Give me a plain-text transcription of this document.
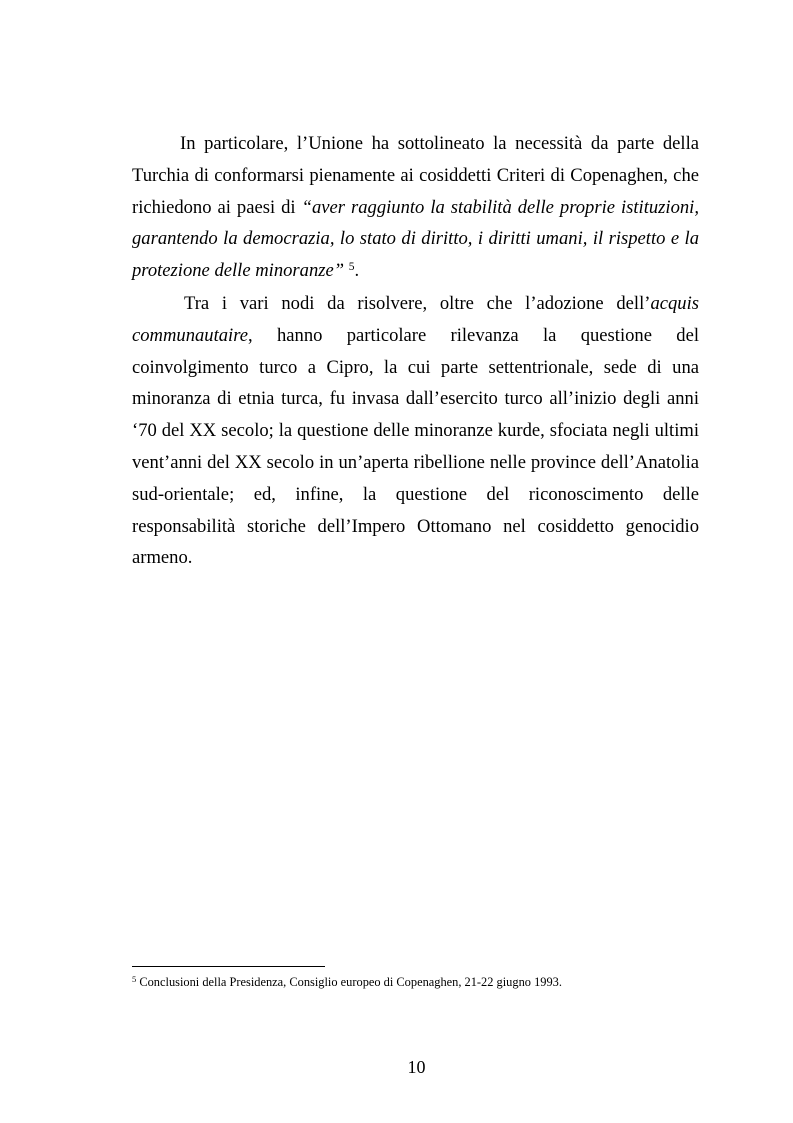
In particolare, l’Unione ha sottolineato la necessità da parte della Turchia di conformarsi pienamente ai cosiddetti Criteri di Copenaghen, che richiedono ai paesi di “aver raggiunto la stabilità delle proprie istituzioni, garantendo la democrazia, lo stato di diritto, i diritti umani, il rispetto e la protezione delle minoranze” $^5$.

Tra i vari nodi da risolvere, oltre che l’adozione dell’acquis communautaire, hanno particolare rilevanza la questione del coinvolgimento turco a Cipro, la cui parte settentrionale, sede di una minoranza di etnia turca, fu invasa dall’esercito turco all’inizio degli anni ‘70 del XX secolo; la questione delle minoranze kurde, sfociata negli ultimi vent’anni del XX secolo in un’aperta ribellione nelle province dell’Anatolia sud-orientale; ed, infine, la questione del riconoscimento delle responsabilità storiche dell’Impero Ottomano nel cosiddetto genocidio armeno.

$^5$ Conclusioni della Presidenza, Consiglio europeo di Copenaghen, 21-22 giugno 1993.
10
